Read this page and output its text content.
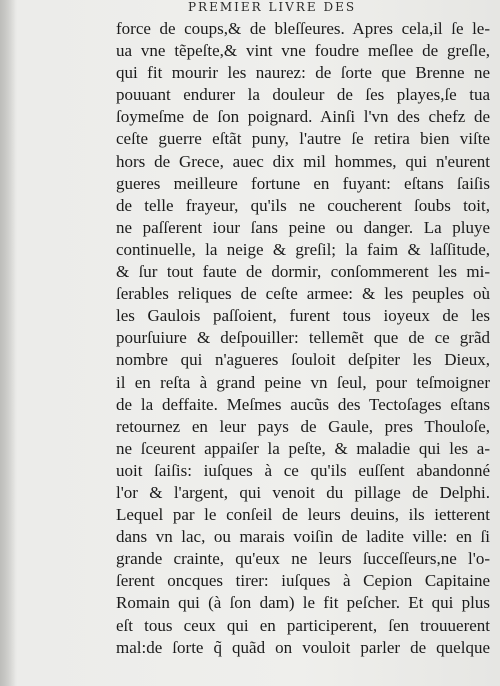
PREMIER LIVRE DES
force de coups,& de bleſſeures. Apres cela,il ſe le-
ua vne tẽpeſte,& vint vne foudre meſlee de greſle,
qui fit mourir les naurez: de ſorte que Brenne ne
pouuant endurer la douleur de ſes playes,ſe tua
ſoymeſme de ſon poignard. Ainſi l'vn des chefz de
ceſte guerre eſtãt puny, l'autre ſe retira bien viſte
hors de Grece, auec dix mil hommes, qui n'eurent
gueres meilleure fortune en fuyant: eſtans ſaiſis
de telle frayeur, qu'ils ne coucherent ſoubs toit,
ne paſſerent iour ſans peine ou danger. La pluye
continuelle, la neige & greſil; la faim & laſſitude,
& ſur tout faute de dormir, conſommerent les mi-
ſerables reliques de ceſte armee: & les peuples où
les Gaulois paſſoient, furent tous ioyeux de les
pourſuiure & deſpouiller: tellemẽt que de ce grãd
nombre qui n'agueres ſouloit deſpiter les Dieux,
il en reſta à grand peine vn ſeul, pour teſmoigner
de la deffaite. Meſmes aucũs des Tectoſages eſtans
retournez en leur pays de Gaule, pres Thouloſe,
ne ſceurent appaiſer la peſte, & maladie qui les a-
uoit ſaiſis: iuſques à ce qu'ils euſſent abandonné
l'or & l'argent, qui venoit du pillage de Delphi.
Lequel par le conſeil de leurs deuins, ils ietterent
dans vn lac, ou marais voiſin de ladite ville: en ſi
grande crainte, qu'eux ne leurs ſucceſſeurs,ne l'o-
ſerent oncques tirer: iuſques à Cepion Capitaine
Romain qui (à ſon dam) le fit peſcher. Et qui plus
eſt tous ceux qui en participerent, ſen trouuerent
mal:de ſorte q̃ quãd on vouloit parler de quelque
